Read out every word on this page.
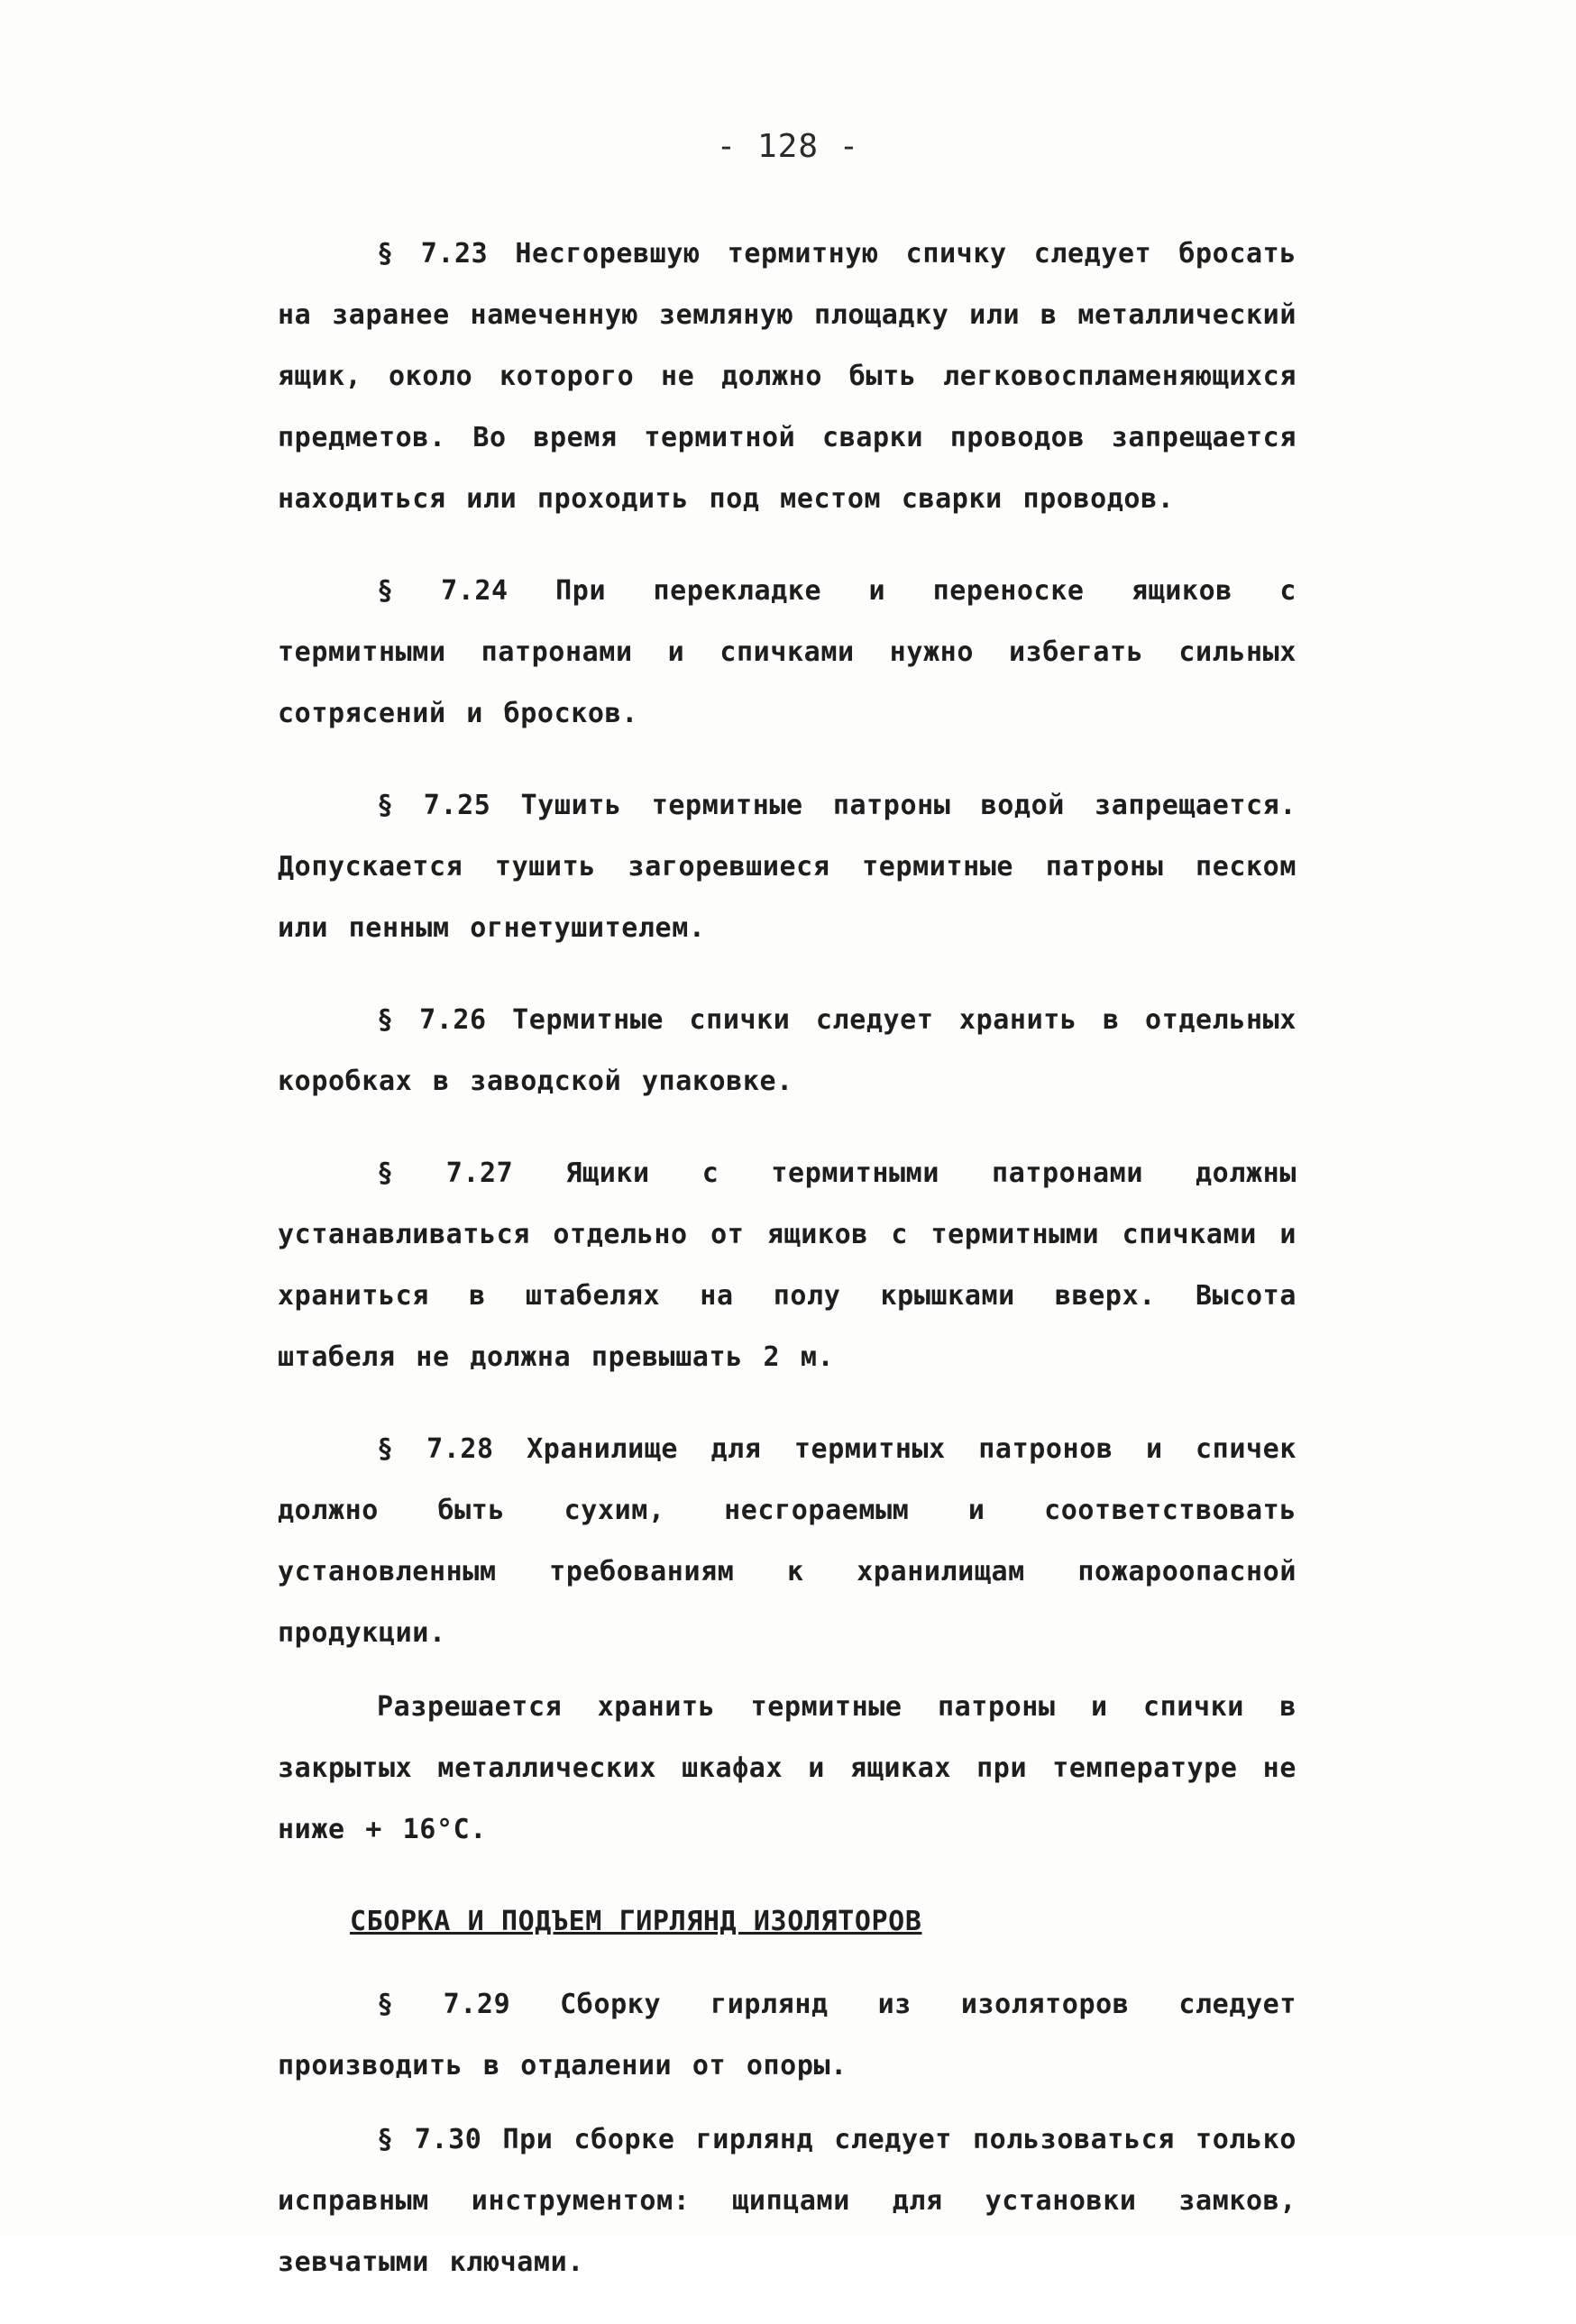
- 128 -

§ 7.23 Несгоревшую термитную спичку следует бросать на заранее намеченную земляную площадку или в металлический ящик, около которого не должно быть легковоспламеняющихся предметов. Во время термитной сварки проводов запрещается находиться или проходить под местом сварки проводов.

§ 7.24 При перекладке и переноске ящиков с термитными патронами и спичками нужно избегать сильных сотрясений и бросков.

§ 7.25 Тушить термитные патроны водой запрещается. Допускается тушить загоревшиеся термитные патроны песком или пенным огнетушителем.

§ 7.26 Термитные спички следует хранить в отдельных коробках в заводской упаковке.

§ 7.27 Ящики с термитными патронами должны устанавливаться отдельно от ящиков с термитными спичками и храниться в штабелях на полу крышками вверх. Высота штабеля не должна превышать 2 м.

§ 7.28 Хранилище для термитных патронов и спичек должно быть сухим, несгораемым и соответствовать установленным требованиям к хранилищам пожароопасной продукции.

Разрешается хранить термитные патроны и спички в закрытых металлических шкафах и ящиках при температуре не ниже + 16°С.

СБОРКА И ПОДЪЕМ ГИРЛЯНД ИЗОЛЯТОРОВ

§ 7.29 Сборку гирлянд из изоляторов следует производить в отдалении от опоры.

§ 7.30 При сборке гирлянд следует пользоваться только исправным инструментом: щипцами для установки замков, зевчатыми ключами.
